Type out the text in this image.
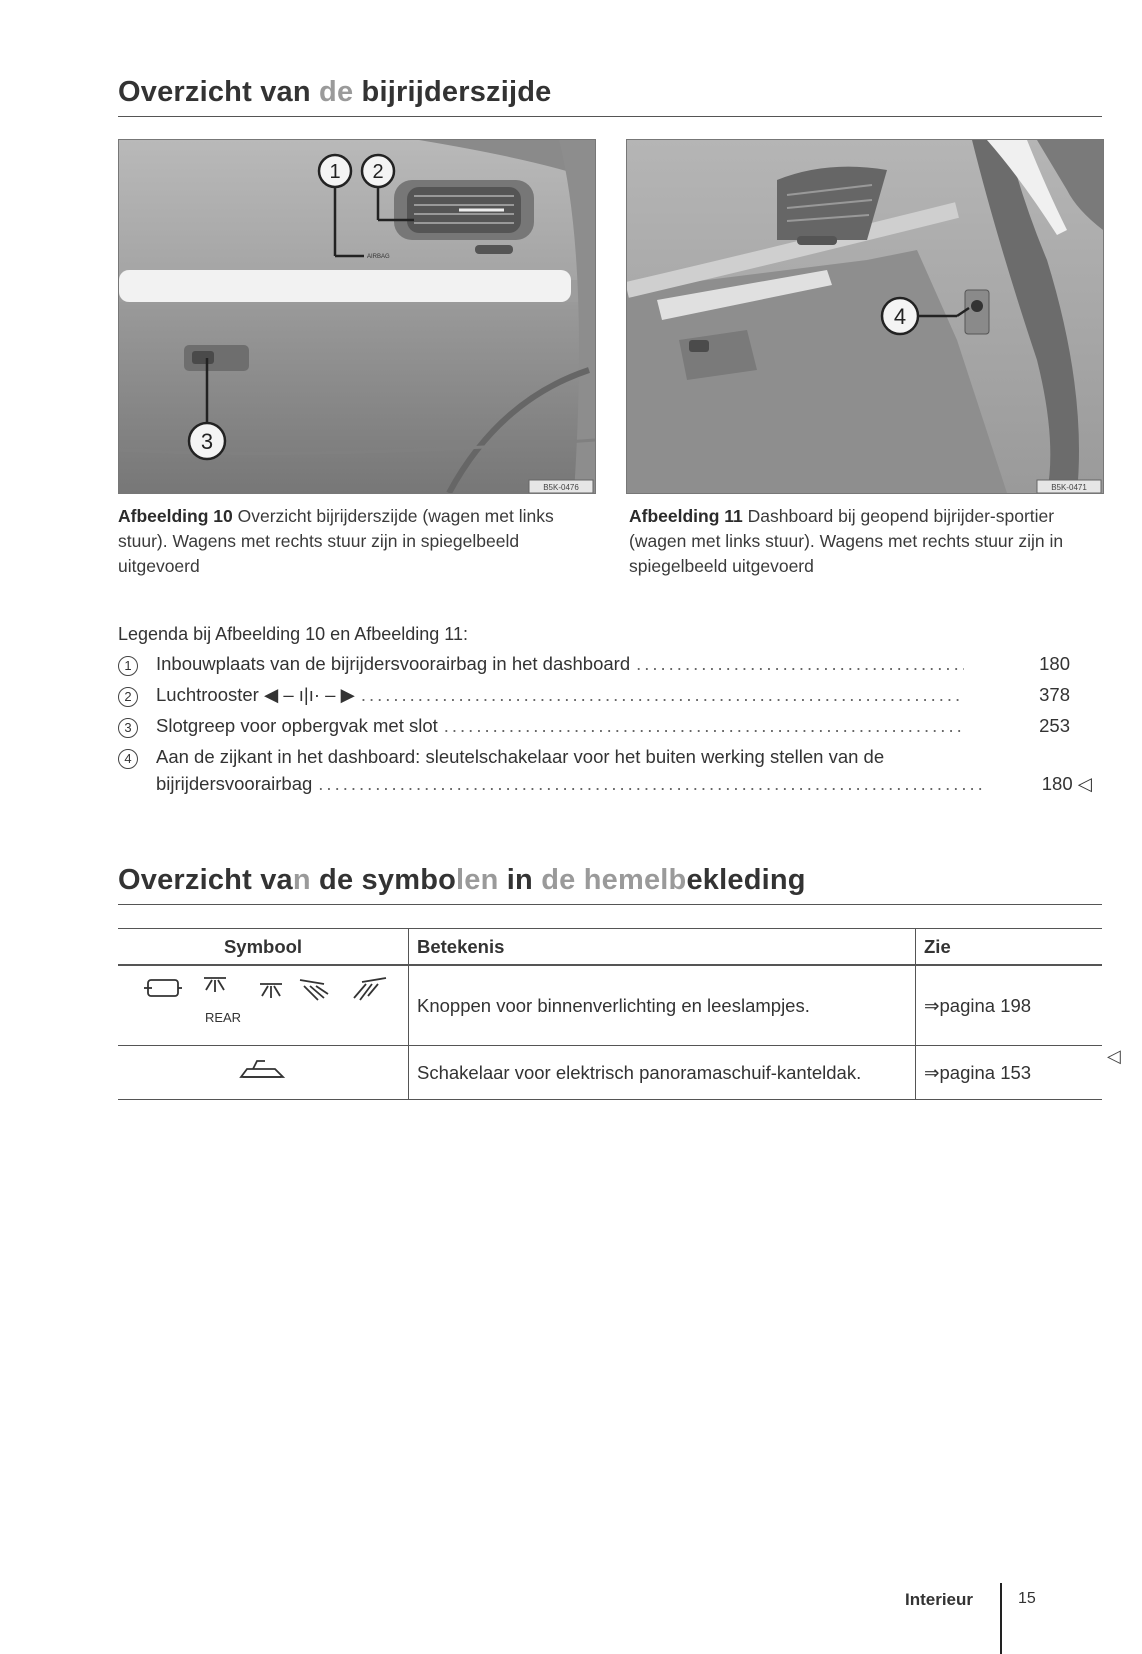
Overzicht van de bijrijderszijde
1 2
3
AIRBAG
B5K-0476
4
B5K-0471
Afbeelding 10 Overzicht bijrijderszijde (wagen met links stuur). Wagens met rechts stuur zijn in spiegelbeeld uitgevoerd
Afbeelding 11 Dashboard bij geopend bijrijder-sportier (wagen met links stuur). Wagens met rechts stuur zijn in spiegelbeeld uitgevoerd
Legenda bij Afbeelding 10 en Afbeelding 11:
1	Inbouwplaats van de bijrijdersvoorairbag in het dashboard .....	180
2	Luchtrooster ◀ – ı|ı· – ▶ .....	378
3	Slotgreep voor opbergvak met slot .....	253
4	Aan de zijkant in het dashboard: sleutelschakelaar voor het buiten werking stellen van de
bijrijdersvoorairbag .....	180 ◁
Overzicht van de symbolen in de hemelbekleding
Symbool	Betekenis	Zie
$^{REAR}$	Knoppen voor binnenverlichting en leeslampjes.	⇒pagina 198
	Schakelaar voor elektrisch panoramaschuif-kanteldak.	⇒pagina 153
◁
Interieur	15
